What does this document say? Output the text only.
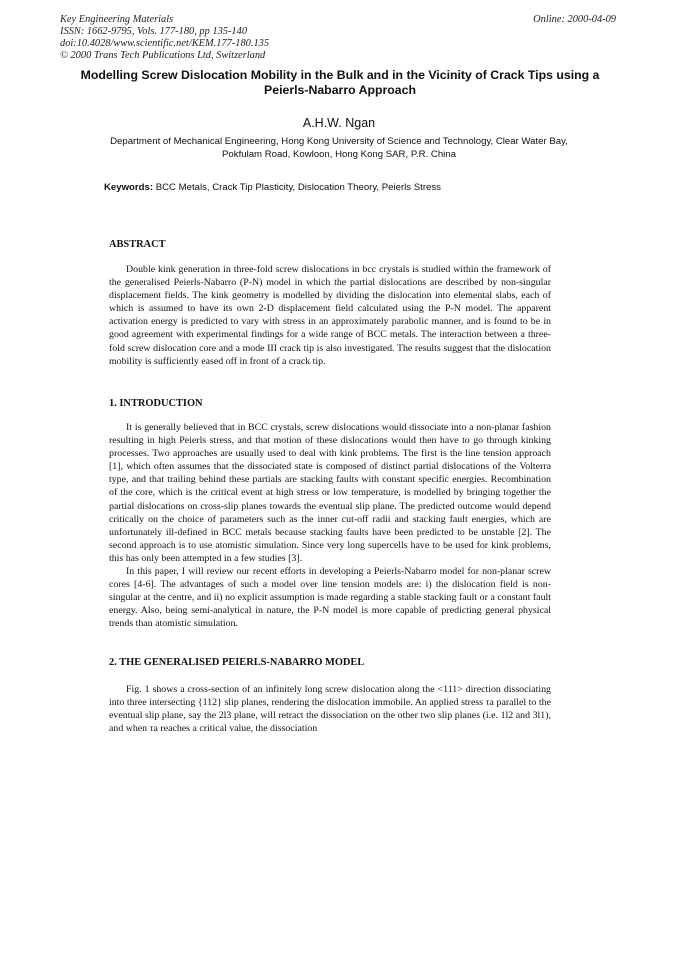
Key Engineering Materials
ISSN: 1662-9795, Vols. 177-180, pp 135-140
doi:10.4028/www.scientific.net/KEM.177-180.135
© 2000 Trans Tech Publications Ltd, Switzerland
Online: 2000-04-09
Modelling Screw Dislocation Mobility in the Bulk and in the Vicinity of Crack Tips using a Peierls-Nabarro Approach
A.H.W. Ngan
Department of Mechanical Engineering, Hong Kong University of Science and Technology, Clear Water Bay, Pokfulam Road, Kowloon, Hong Kong SAR, P.R. China
Keywords: BCC Metals, Crack Tip Plasticity, Dislocation Theory, Peierls Stress
ABSTRACT

Double kink generation in three-fold screw dislocations in bcc crystals is studied within the framework of the generalised Peierls-Nabarro (P-N) model in which the partial dislocations are described by non-singular displacement fields. The kink geometry is modelled by dividing the dislocation into elemental slabs, each of which is assumed to have its own 2-D displacement field calculated using the P-N model. The apparent activation energy is predicted to vary with stress in an approximately parabolic manner, and is found to be in good agreement with experimental findings for a wide range of BCC metals. The interaction between a three-fold screw dislocation core and a mode III crack tip is also investigated. The results suggest that the dislocation mobility is sufficiently eased off in front of a crack tip.

1. INTRODUCTION

It is generally believed that in BCC crystals, screw dislocations would dissociate into a non-planar fashion resulting in high Peierls stress, and that motion of these dislocations would then have to go through kinking processes. Two approaches are usually used to deal with kink problems. The first is the line tension approach [1], which often assumes that the dissociated state is composed of distinct partial dislocations of the Volterra type, and that trailing behind these partials are stacking faults with constant specific energies. Recombination of the core, which is the critical event at high stress or low temperature, is modelled by bringing together the partial dislocations on cross-slip planes towards the eventual slip plane. The predicted outcome would depend critically on the choice of parameters such as the inner cut-off radii and stacking fault energies, which are unfortunately ill-defined in BCC metals because stacking faults have been predicted to be unstable [2]. The second approach is to use atomistic simulation. Since very long supercells have to be used for kink problems, this has only been attempted in a few studies [3].

In this paper, I will review our recent efforts in developing a Peierls-Nabarro model for non-planar screw cores [4-6]. The advantages of such a model over line tension models are: i) the dislocation field is non-singular at the centre, and ii) no explicit assumption is made regarding a stable stacking fault or a constant fault energy. Also, being semi-analytical in nature, the P-N model is more capable of predicting general physical trends than atomistic simulation.

2. THE GENERALISED PEIERLS-NABARRO MODEL

Fig. 1 shows a cross-section of an infinitely long screw dislocation along the <111> direction dissociating into three intersecting {112} slip planes, rendering the dislocation immobile. An applied stress τa parallel to the eventual slip plane, say the 2l3 plane, will retract the dissociation on the other two slip planes (i.e. 1l2 and 3l1), and when τa reaches a critical value, the dissociation
